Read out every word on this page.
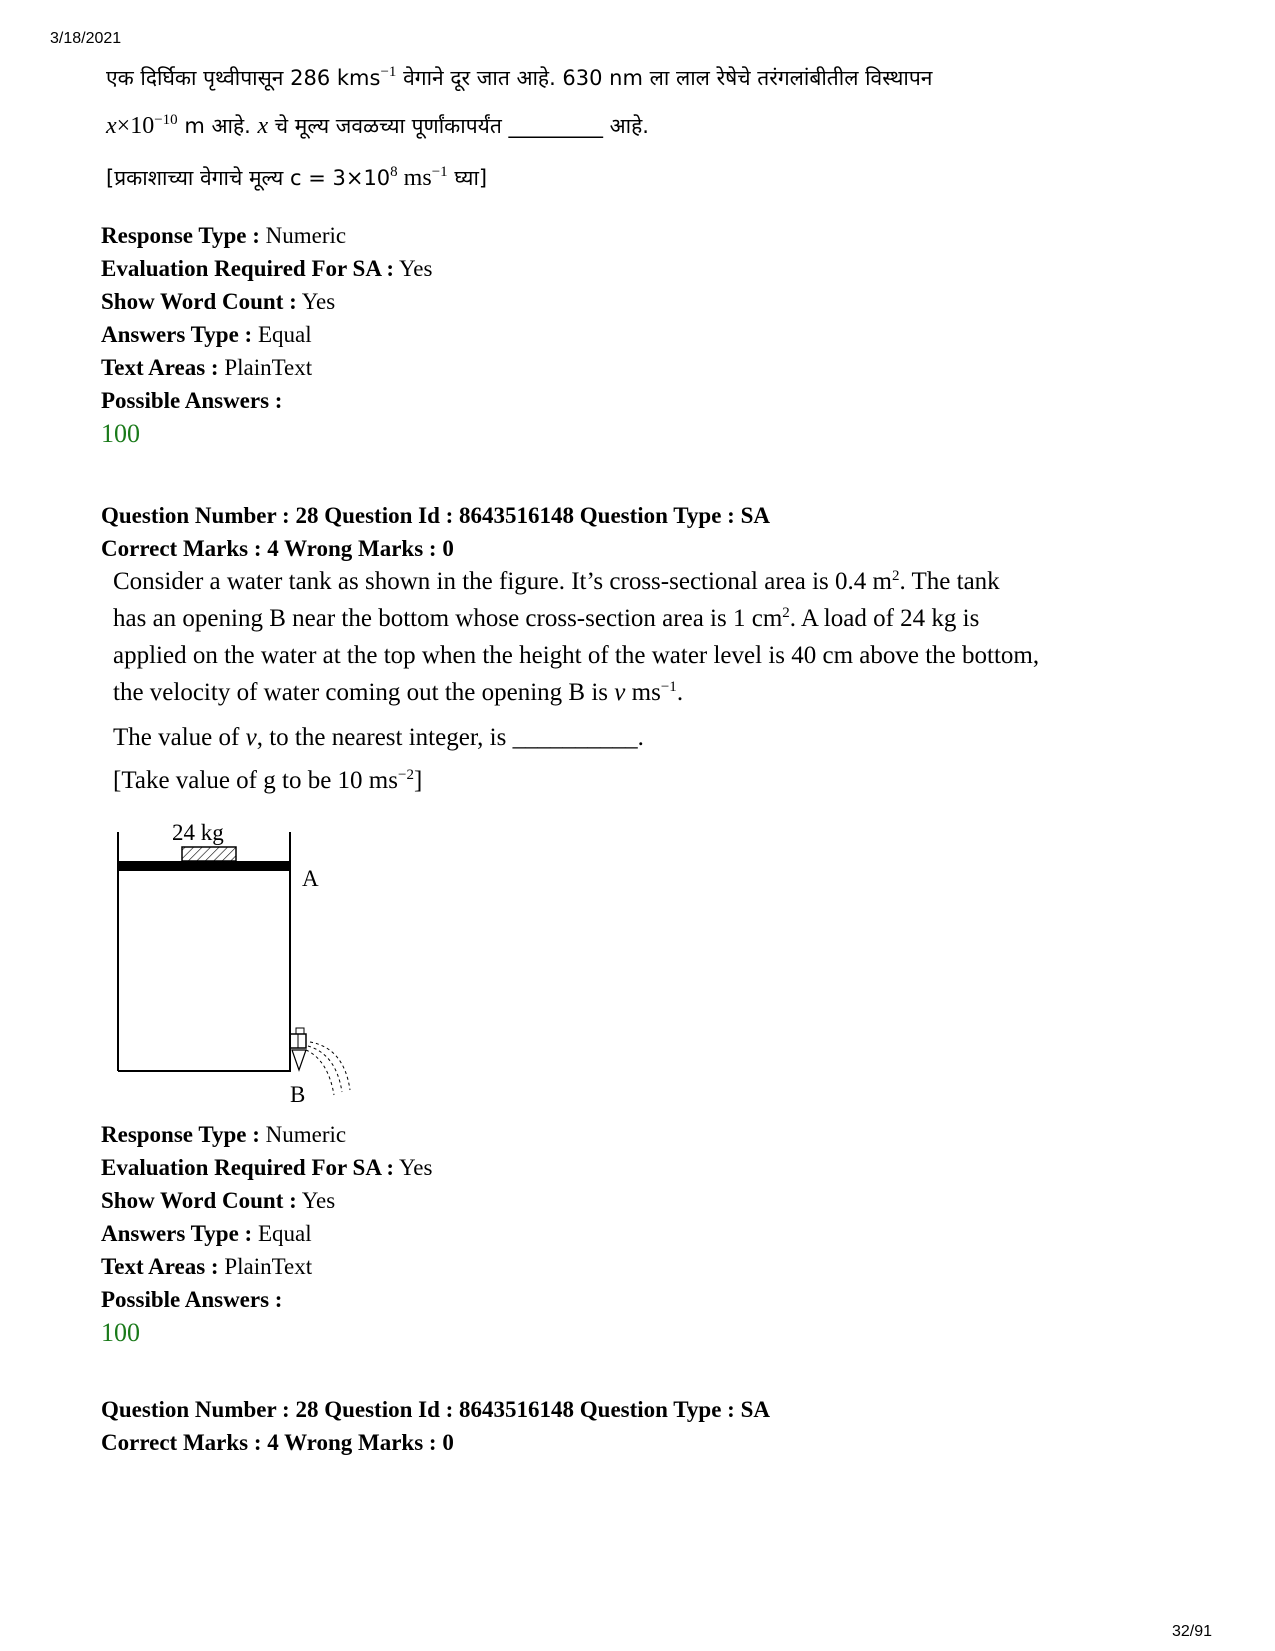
3/18/2021
एक दिर्घिका पृथ्वीपासून 286 kms$^{-1}$ वेगाने दूर जात आहे. 630 nm ला लाल रेषेचे तरंगलांबीतील विस्थापन
$x\times 10^{-10}$ m आहे. x चे मूल्य जवळच्या पूर्णांकापर्यंत _________ आहे.
[प्रकाशाच्या वेगाचे मूल्य $c = 3\times 10^8$ $ms^{-1}$ घ्या]
Response Type : Numeric
Evaluation Required For SA : Yes
Show Word Count : Yes
Answers Type : Equal
Text Areas : PlainText
Possible Answers :
100
Question Number : 28 Question Id : 8643516148 Question Type : SA
Correct Marks : 4 Wrong Marks : 0
Consider a water tank as shown in the figure. It’s cross-sectional area is 0.4 $m^2$. The tank
has an opening B near the bottom whose cross-section area is 1 $cm^2$. A load of 24 kg is
applied on the water at the top when the height of the water level is 40 cm above the bottom,
the velocity of water coming out the opening B is v $ms^{-1}$.
The value of v, to the nearest integer, is __________.
[Take value of g to be 10 $ms^{-2}$]
24 kg
A
B
Response Type : Numeric
Evaluation Required For SA : Yes
Show Word Count : Yes
Answers Type : Equal
Text Areas : PlainText
Possible Answers :
100
Question Number : 28 Question Id : 8643516148 Question Type : SA
Correct Marks : 4 Wrong Marks : 0
32/91
